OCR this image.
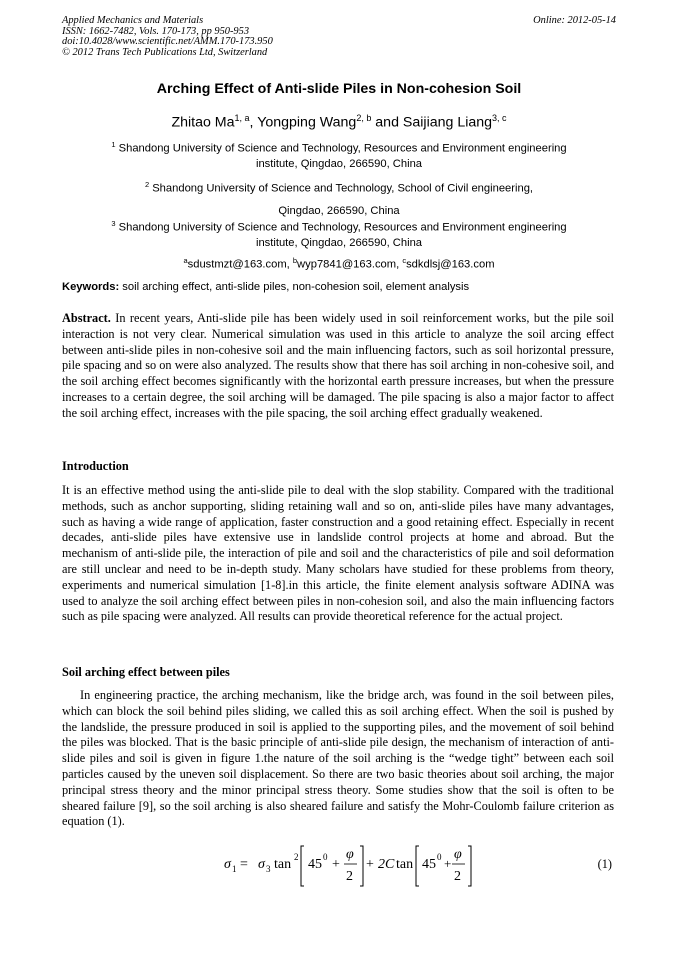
Applied Mechanics and Materials
ISSN: 1662-7482, Vols. 170-173, pp 950-953
doi:10.4028/www.scientific.net/AMM.170-173.950
© 2012 Trans Tech Publications Ltd, Switzerland
Online: 2012-05-14
Arching Effect of Anti-slide Piles in Non-cohesion Soil
Zhitao Ma$^{1, a}$, Yongping Wang$^{2, b}$ and Saijiang Liang$^{3, c}$
$^1$ Shandong University of Science and Technology, Resources and Environment engineering
institute, Qingdao, 266590, China
$^2$ Shandong University of Science and Technology, School of Civil engineering,
Qingdao, 266590, China
$^3$ Shandong University of Science and Technology, Resources and Environment engineering
institute, Qingdao, 266590, China
$^a$sdustmzt@163.com, $^b$wyp7841@163.com, $^c$sdkdlsj@163.com
Keywords: soil arching effect, anti-slide piles, non-cohesion soil, element analysis

Abstract. In recent years, Anti-slide pile has been widely used in soil reinforcement works, but the pile soil interaction is not very clear. Numerical simulation was used in this article to analyze the soil arcing effect between anti-slide piles in non-cohesive soil and the main influencing factors, such as soil horizontal pressure, pile spacing and so on were also analyzed. The results show that there has soil arching in non-cohesive soil, and the soil arching effect becomes significantly with the horizontal earth pressure increases, but when the pressure increases to a certain degree, the soil arching will be damaged. The pile spacing is also a major factor to affect the soil arching effect, increases with the pile spacing, the soil arching effect gradually weakened.

Introduction

It is an effective method using the anti-slide pile to deal with the slop stability. Compared with the traditional methods, such as anchor supporting, sliding retaining wall and so on, anti-slide piles have many advantages, such as having a wide range of application, faster construction and a good retaining effect. Especially in recent decades, anti-slide piles have extensive use in landslide control projects at home and abroad. But the mechanism of anti-slide pile, the interaction of pile and soil and the characteristics of pile and soil deformation are still unclear and need to be in-depth study. Many scholars have studied for these problems from theory, experiments and numerical simulation [1-8].in this article, the finite element analysis software ADINA was used to analyze the soil arching effect between piles in non-cohesion soil, and also the main influencing factors such as pile spacing were analyzed. All results can provide theoretical reference for the actual project.

Soil arching effect between piles

In engineering practice, the arching mechanism, like the bridge arch, was found in the soil between piles, which can block the soil behind piles sliding, we called this as soil arching effect. When the soil is pushed by the landslide, the pressure produced in soil is applied to the supporting piles, and the movement of soil behind the piles was blocked. That is the basic principle of anti-slide pile design, the mechanism of interaction of anti-slide piles and soil is given in figure 1.the nature of the soil arching is the “wedge tight” between each soil particles caused by the uneven soil displacement. So there are two basic theories about soil arching, the major principal stress theory and the minor principal stress theory. Some studies show that the soil is often to be sheared failure [9], so the soil arching is also sheared failure and satisfy the Mohr-Coulomb failure criterion as equation (1).

σ 1 = σ 3 tan 2 45 0 +
φ
2
+ 2C tan 45 0 +
φ
2
(1)
